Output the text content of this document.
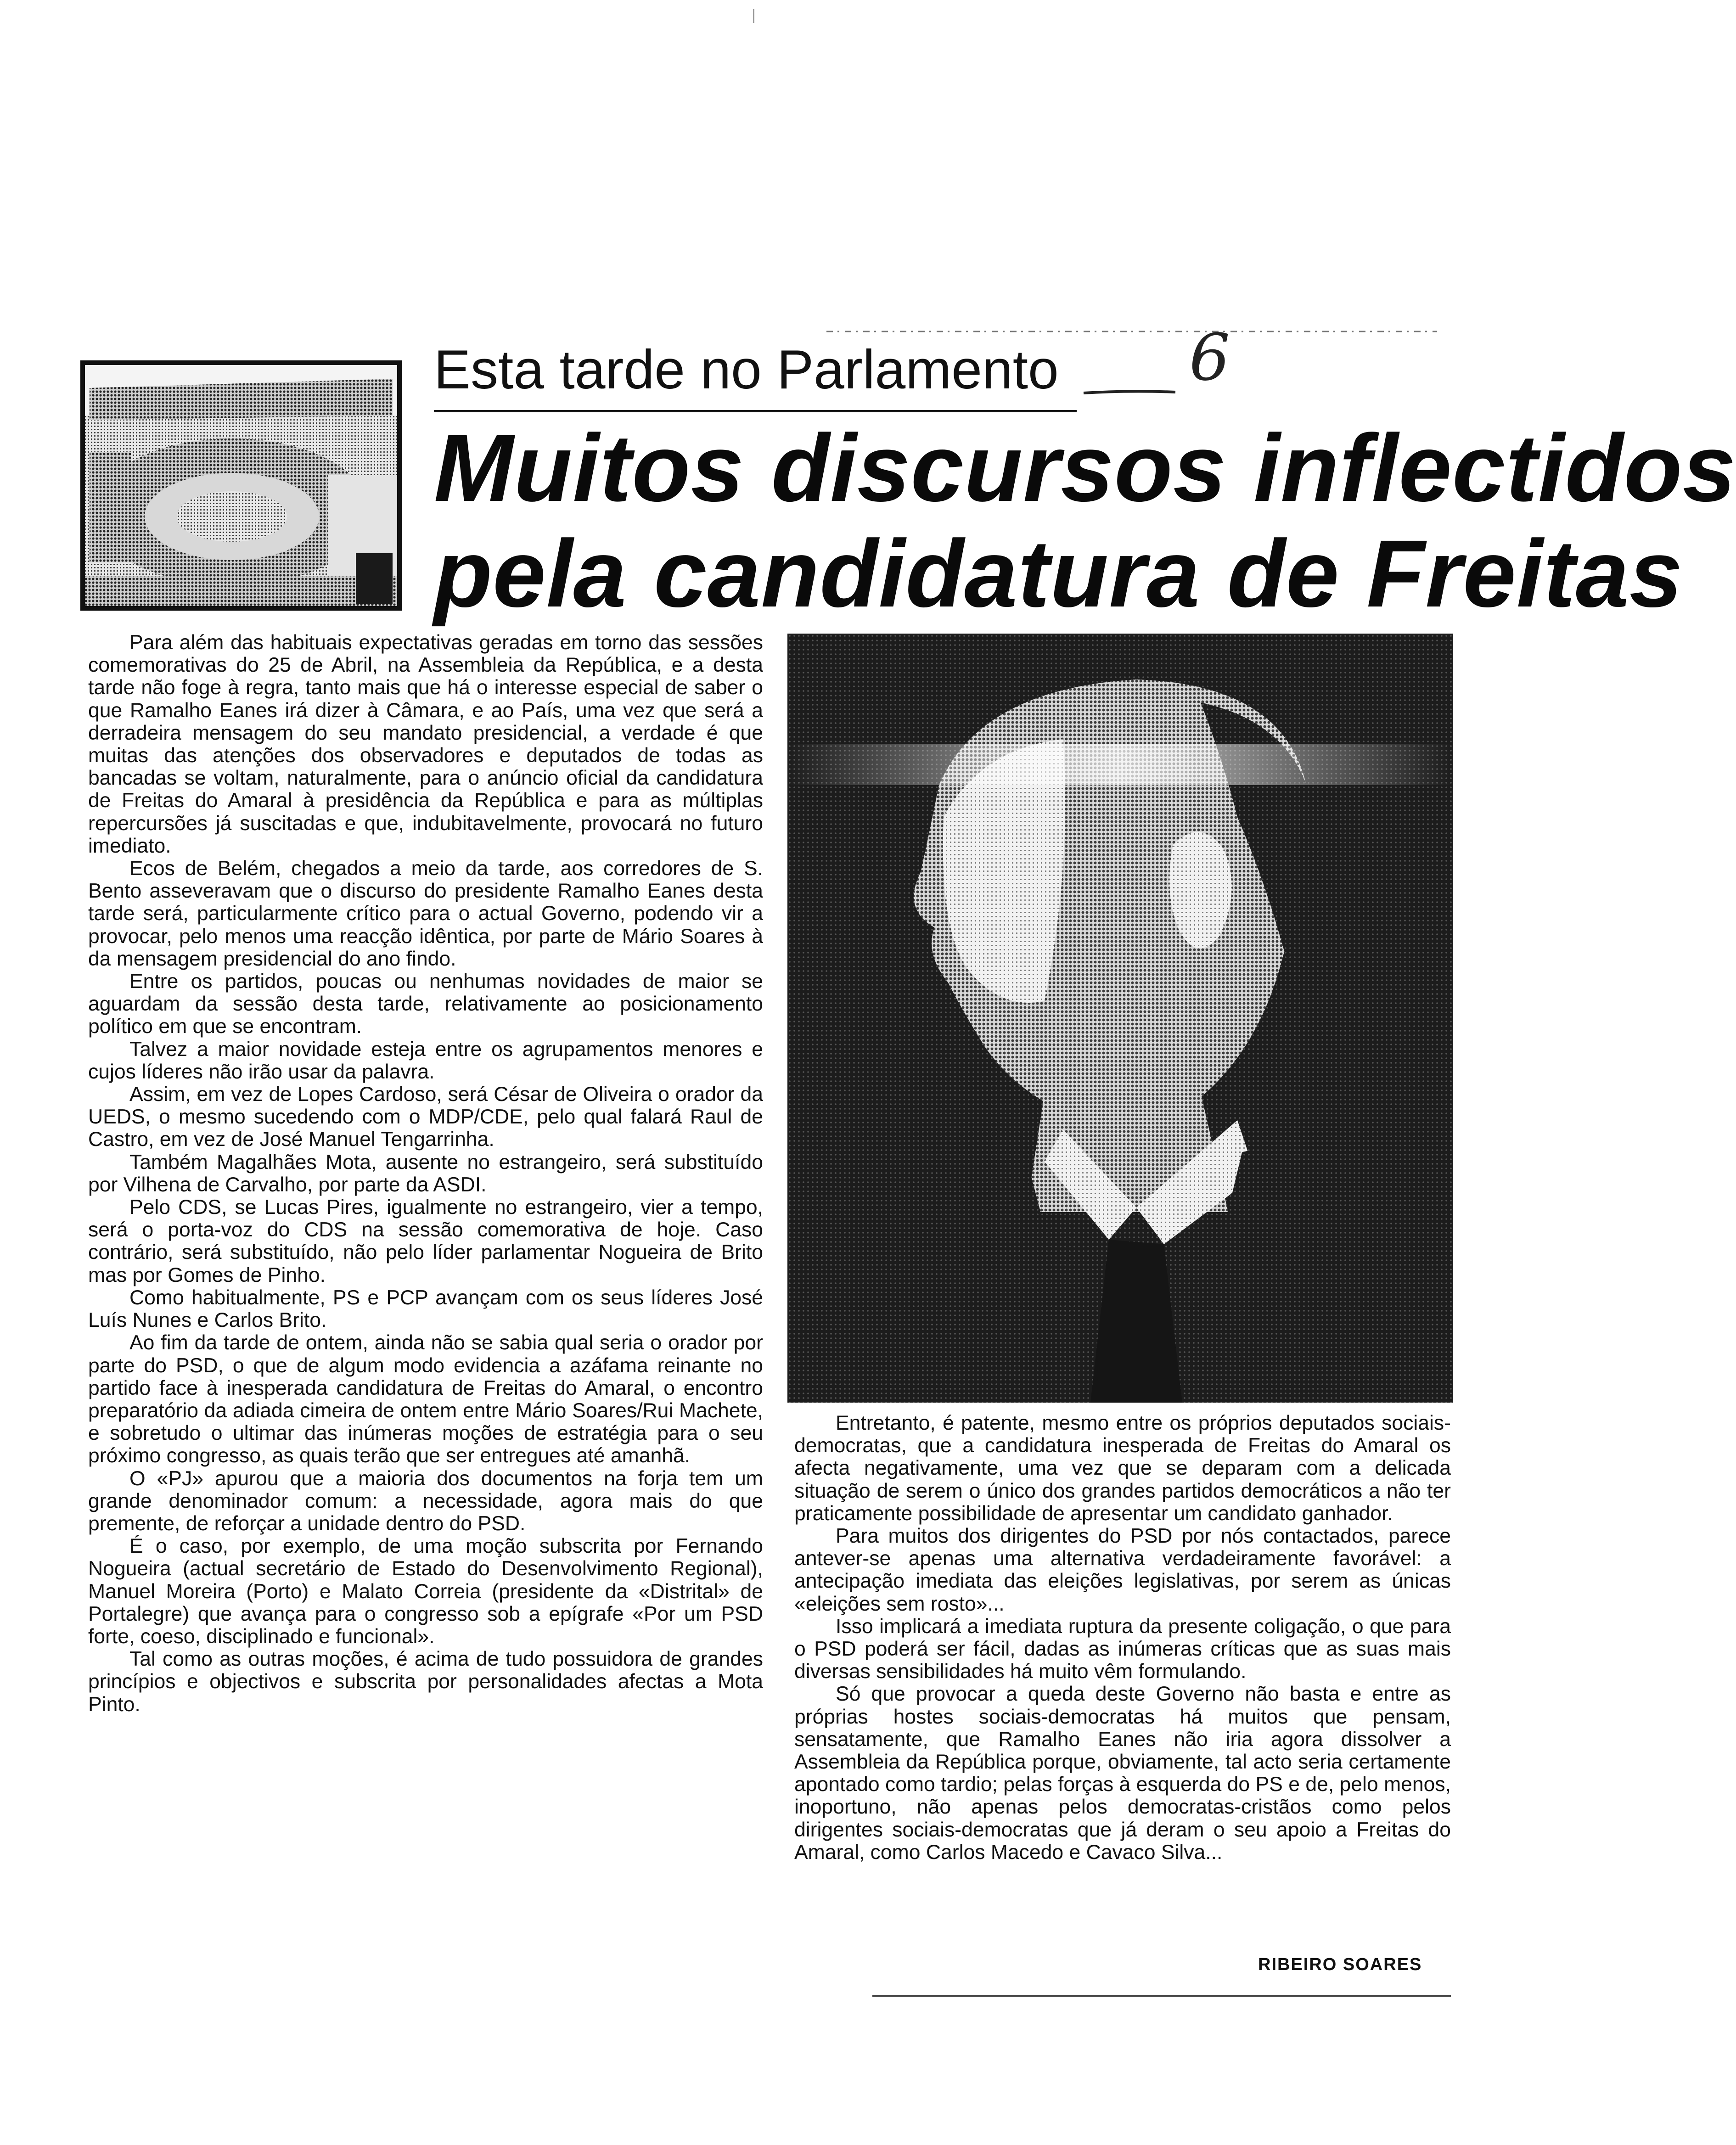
Esta tarde no Parlamento 6
Muitos discursos inflectidos
pela candidatura de Freitas

Para além das habituais expectativas geradas em torno das sessões comemorativas do 25 de Abril, na Assembleia da República, e a desta tarde não foge à regra, tanto mais que há o interesse especial de saber o que Ramalho Eanes irá dizer à Câmara, e ao País, uma vez que será a derradeira mensagem do seu mandato presidencial, a verdade é que muitas das atenções dos observadores e deputados de todas as bancadas se voltam, naturalmente, para o anúncio oficial da candidatura de Freitas do Amaral à presidência da República e para as múltiplas repercursões já suscitadas e que, indubitavelmente, provocará no futuro imediato.

Ecos de Belém, chegados a meio da tarde, aos corredores de S. Bento asseveravam que o discurso do presidente Ramalho Eanes desta tarde será, particularmente crítico para o actual Governo, podendo vir a provocar, pelo menos uma reacção idêntica, por parte de Mário Soares à da mensagem presidencial do ano findo.

Entre os partidos, poucas ou nenhumas novidades de maior se aguardam da sessão desta tarde, relativamente ao posicionamento político em que se encontram.

Talvez a maior novidade esteja entre os agrupamentos menores e cujos líderes não irão usar da palavra.

Assim, em vez de Lopes Cardoso, será César de Oliveira o orador da UEDS, o mesmo sucedendo com o MDP/CDE, pelo qual falará Raul de Castro, em vez de José Manuel Tengarrinha.

Também Magalhães Mota, ausente no estrangeiro, será substituído por Vilhena de Carvalho, por parte da ASDI.

Pelo CDS, se Lucas Pires, igualmente no estrangeiro, vier a tempo, será o porta-voz do CDS na sessão comemorativa de hoje. Caso contrário, será substituído, não pelo líder parlamentar Nogueira de Brito mas por Gomes de Pinho.

Como habitualmente, PS e PCP avançam com os seus líderes José Luís Nunes e Carlos Brito.

Ao fim da tarde de ontem, ainda não se sabia qual seria o orador por parte do PSD, o que de algum modo evidencia a azáfama reinante no partido face à inesperada candidatura de Freitas do Amaral, o encontro preparatório da adiada cimeira de ontem entre Mário Soares/Rui Machete, e sobretudo o ultimar das inúmeras moções de estratégia para o seu próximo congresso, as quais terão que ser entregues até amanhã.

O «PJ» apurou que a maioria dos documentos na forja tem um grande denominador comum: a necessidade, agora mais do que premente, de reforçar a unidade dentro do PSD.

É o caso, por exemplo, de uma moção subscrita por Fernando Nogueira (actual secretário de Estado do Desenvolvimento Regional), Manuel Moreira (Porto) e Malato Correia (presidente da «Distrital» de Portalegre) que avança para o congresso sob a epígrafe «Por um PSD forte, coeso, disciplinado e funcional».

Tal como as outras moções, é acima de tudo possuidora de grandes princípios e objectivos e subscrita por personalidades afectas a Mota Pinto.

Entretanto, é patente, mesmo entre os próprios deputados sociais-democratas, que a candidatura inesperada de Freitas do Amaral os afecta negativamente, uma vez que se deparam com a delicada situação de serem o único dos grandes partidos democráticos a não ter praticamente possibilidade de apresentar um candidato ganhador.

Para muitos dos dirigentes do PSD por nós contactados, parece antever-se apenas uma alternativa verdadeiramente favorável: a antecipação imediata das eleições legislativas, por serem as únicas «eleições sem rosto»...

Isso implicará a imediata ruptura da presente coligação, o que para o PSD poderá ser fácil, dadas as inúmeras críticas que as suas mais diversas sensibilidades há muito vêm formulando.

Só que provocar a queda deste Governo não basta e entre as próprias hostes sociais-democratas há muitos que pensam, sensatamente, que Ramalho Eanes não iria agora dissolver a Assembleia da República porque, obviamente, tal acto seria certamente apontado como tardio; pelas forças à esquerda do PS e de, pelo menos, inoportuno, não apenas pelos democratas-cristãos como pelos dirigentes sociais-democratas que já deram o seu apoio a Freitas do Amaral, como Carlos Macedo e Cavaco Silva...

RIBEIRO SOARES
